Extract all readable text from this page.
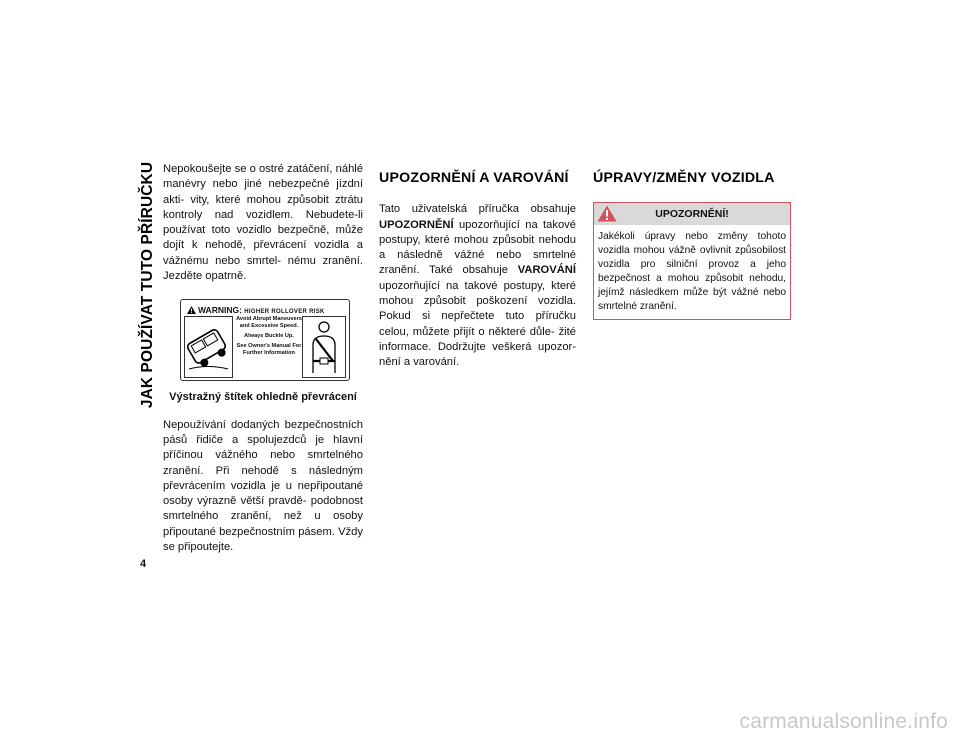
JAK POUŽÍVAT TUTO PŘÍRUČKU Nepokoušejte se o ostré zatáčení, náhlé manévry nebo jiné nebezpečné jízdní akti- vity, které mohou způsobit ztrátu kontroly nad vozidlem. Nebudete-li používat toto vozidlo bezpečně, může dojít k nehodě, převrácení vozidla a vážnému nebo smrtel- nému zranění. Jezděte opatrně.

WARNING: HIGHER ROLLOVER RISK
Avoid Abrupt Maneuvers and Excessive Speed.
Always Buckle Up.
See Owner's Manual For Further Information
Výstražný štítek ohledně převrácení

Nepoužívání dodaných bezpečnostních pásů řidiče a spolujezdců je hlavní příčinou vážného nebo smrtelného zranění. Při nehodě s následným převrácením vozidla je u nepřipoutané osoby výrazně větší pravdě- podobnost smrtelného zranění, než u osoby připoutané bezpečnostním pásem. Vždy se připoutejte.

UPOZORNĚNÍ A VAROVÁNÍ

Tato uživatelská příručka obsahuje UPOZORNĚNÍ upozorňující na takové postupy, které mohou způsobit nehodu a následně vážné nebo smrtelné zranění. Také obsahuje VAROVÁNÍ upozorňující na takové postupy, které mohou způsobit poškození vozidla. Pokud si nepřečtete tuto příručku celou, můžete přijít o některé důle- žité informace. Dodržujte veškerá upozor- nění a varování.

ÚPRAVY/ZMĚNY VOZIDLA
UPOZORNĚNÍ!
Jakékoli úpravy nebo změny tohoto vozidla mohou vážně ovlivnit způsobilost vozidla pro silniční provoz a jeho bezpečnost a mohou způsobit nehodu, jejímž následkem může být vážné nebo smrtelné zranění.
4
carmanualsonline.info
